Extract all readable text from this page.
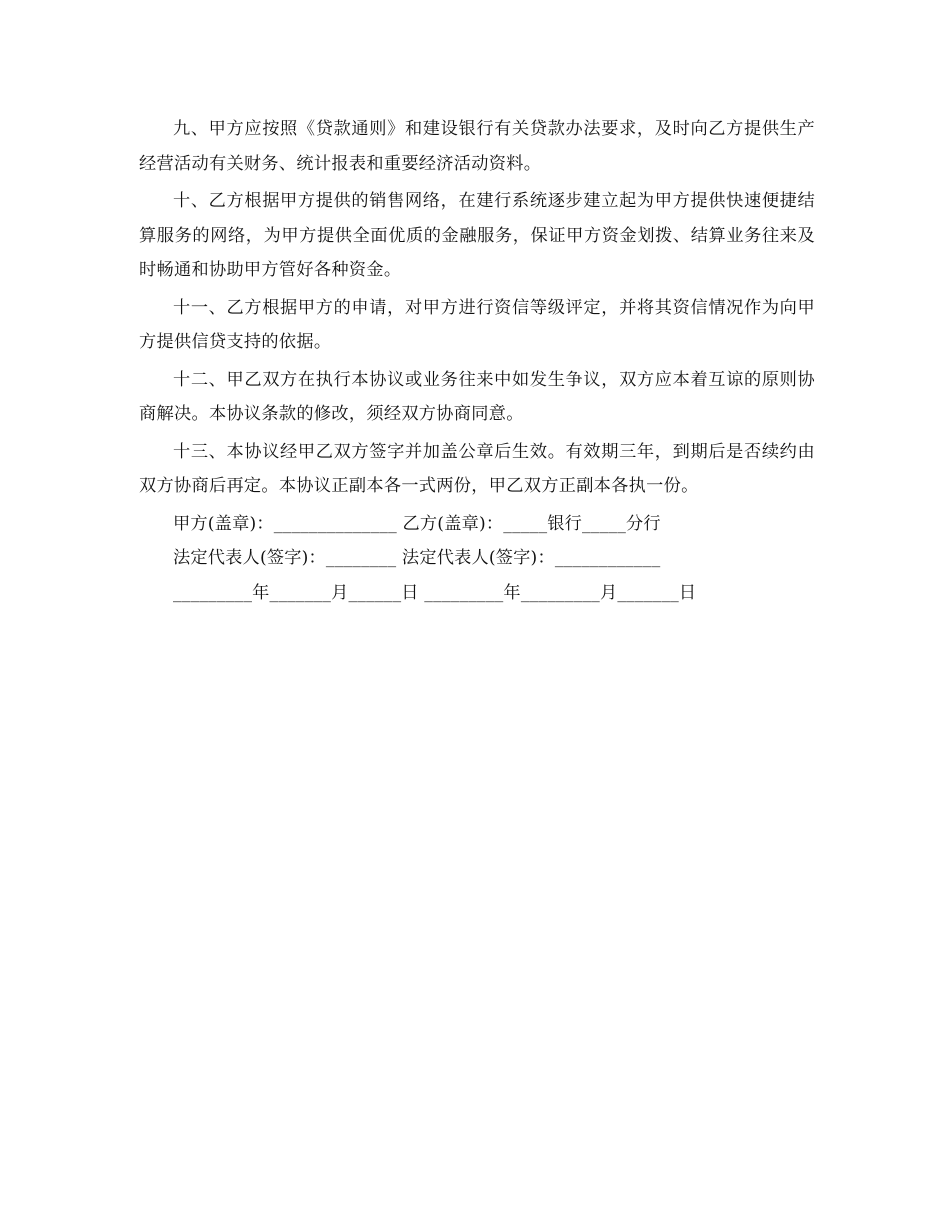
九、甲方应按照《贷款通则》和建设银行有关贷款办法要求，及时向乙方提供生产经营活动有关财务、统计报表和重要经济活动资料。

十、乙方根据甲方提供的销售网络，在建行系统逐步建立起为甲方提供快速便捷结算服务的网络，为甲方提供全面优质的金融服务，保证甲方资金划拨、结算业务往来及时畅通和协助甲方管好各种资金。

十一、乙方根据甲方的申请，对甲方进行资信等级评定，并将其资信情况作为向甲方提供信贷支持的依据。

十二、甲乙双方在执行本协议或业务往来中如发生争议，双方应本着互谅的原则协商解决。本协议条款的修改，须经双方协商同意。

十三、本协议经甲乙双方签字并加盖公章后生效。有效期三年，到期后是否续约由双方协商后再定。本协议正副本各一式两份，甲乙双方正副本各执一份。

甲方(盖章)：______________ 乙方(盖章)：_____银行_____分行
法定代表人(签字)：________ 法定代表人(签字)：____________
_________年_______月______日 _________年_________月_______日
